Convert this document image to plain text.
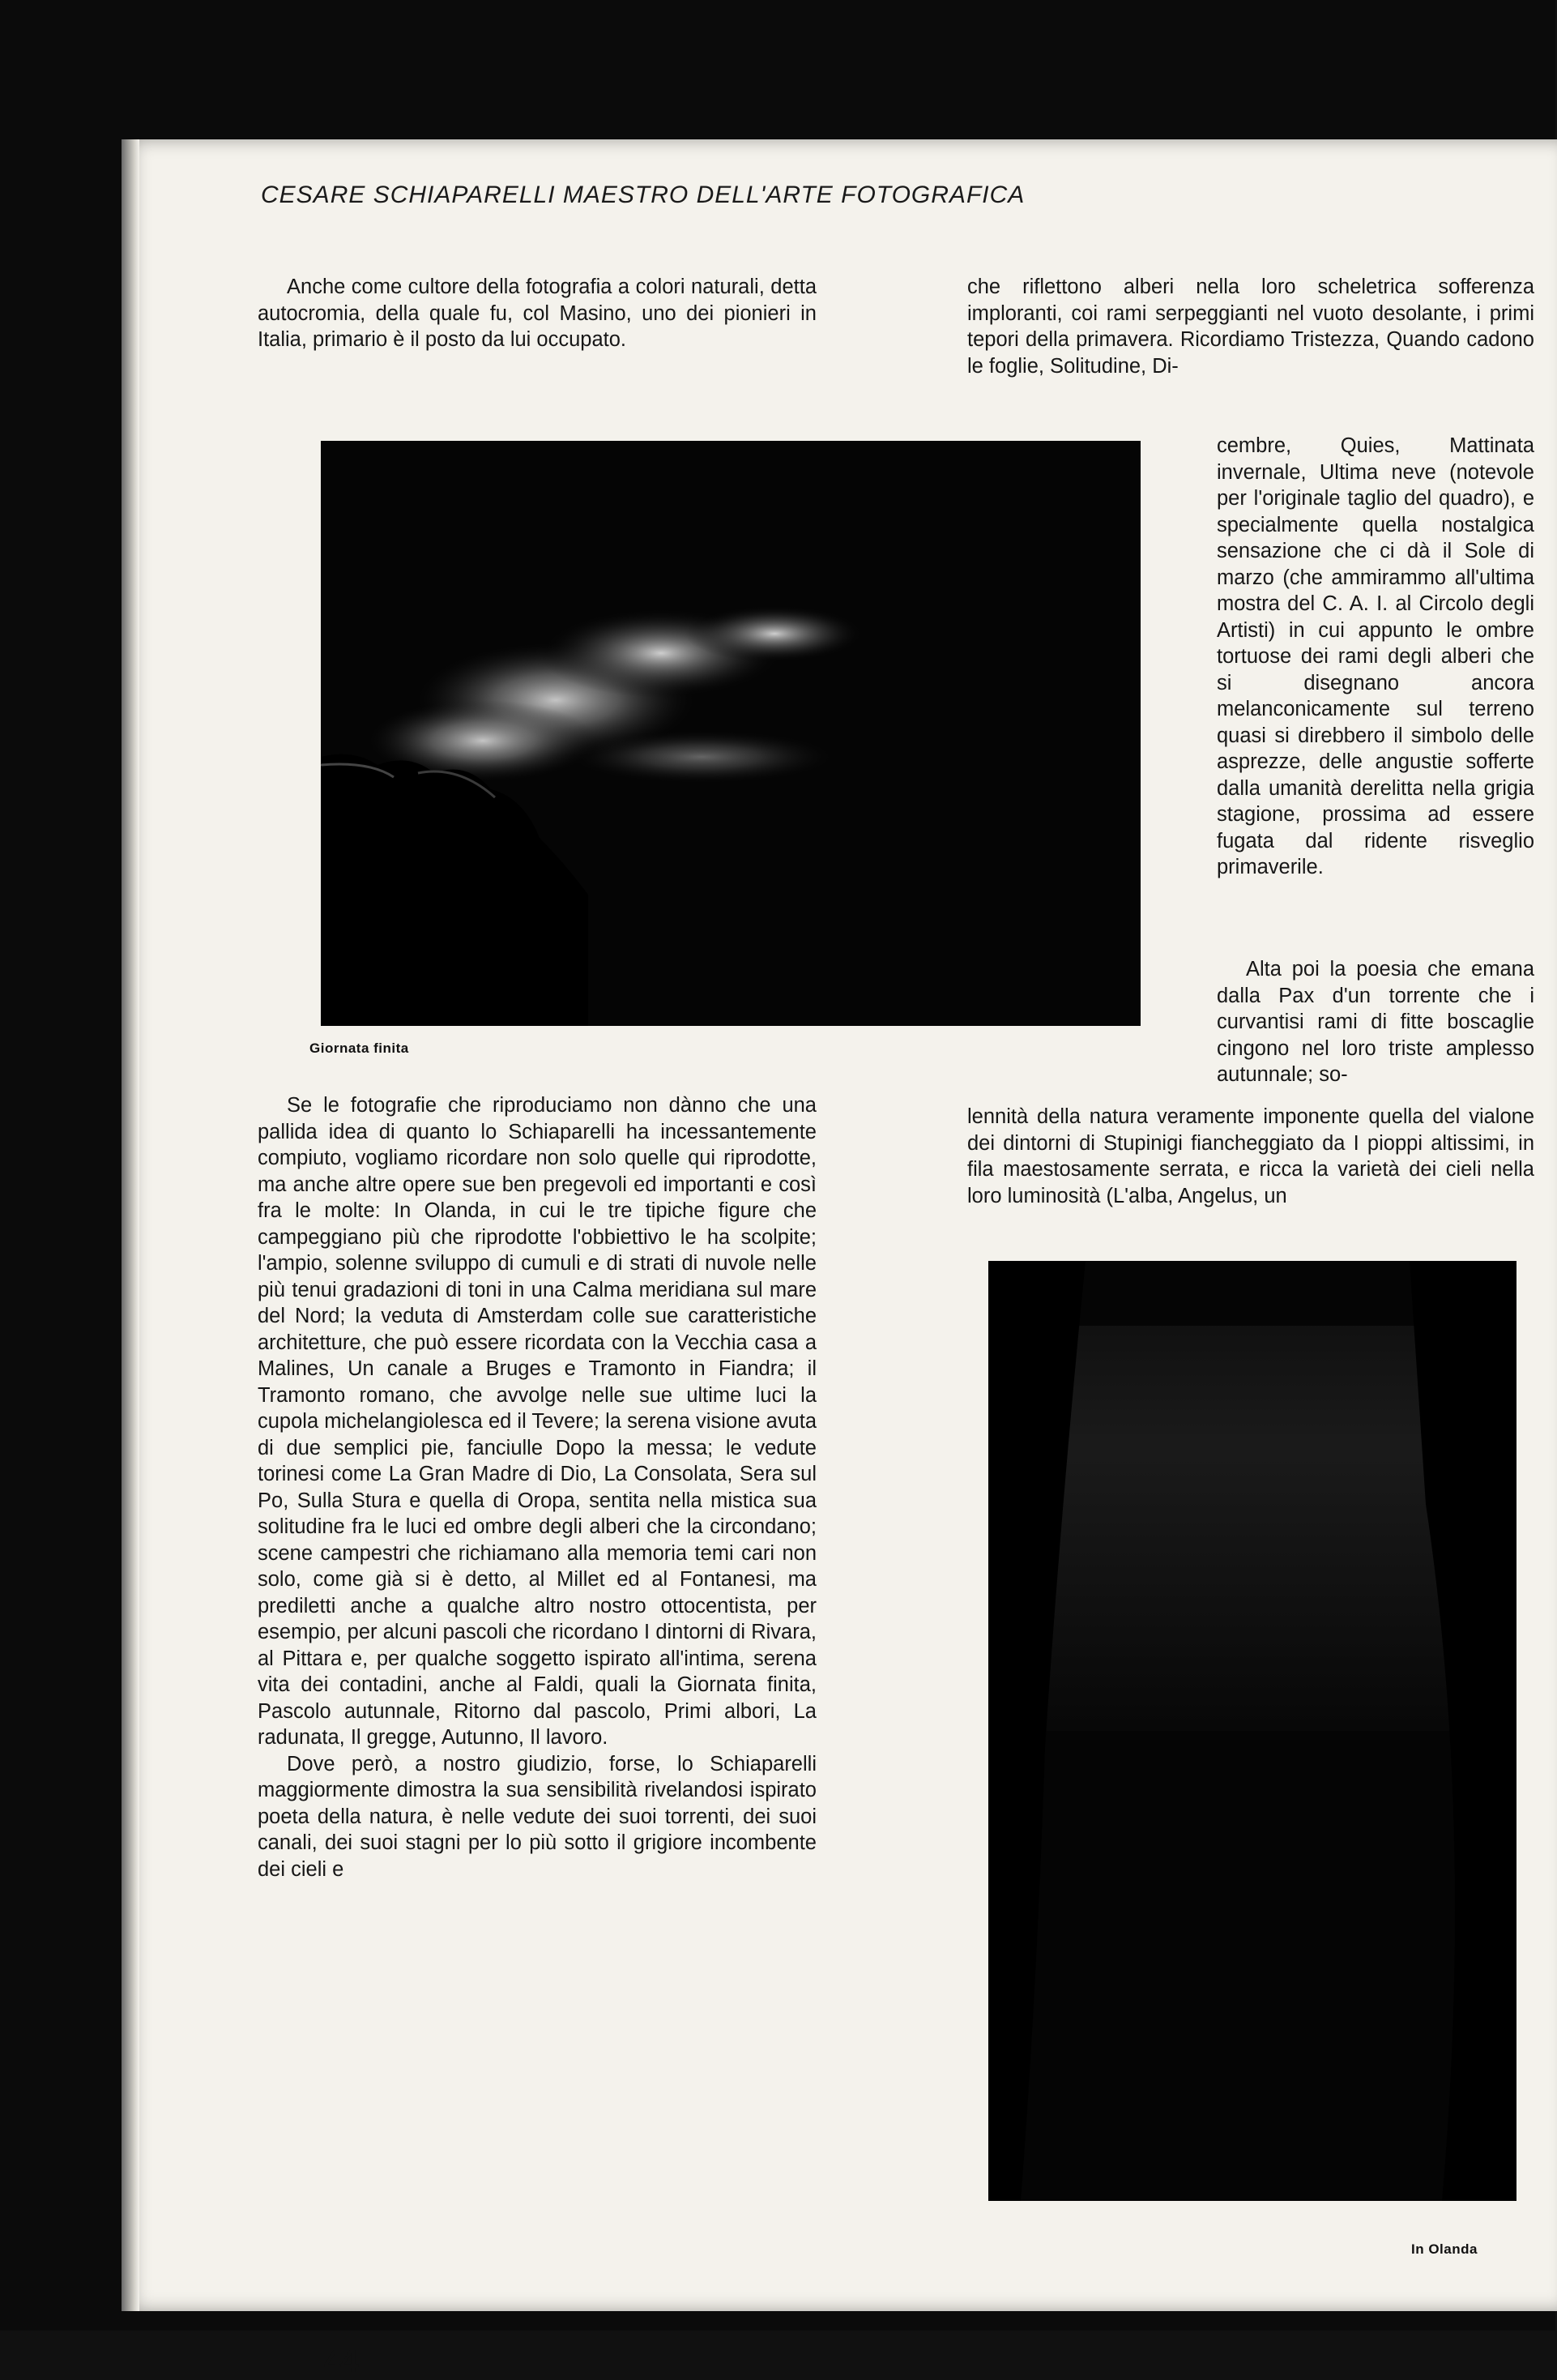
CESARE SCHIAPARELLI MAESTRO DELL'ARTE FOTOGRAFICA

Anche come cultore della fotografia a colori naturali, detta autocromia, della quale fu, col Masino, uno dei pionieri in Italia, primario è il posto da lui occupato.

Giornata finita

Se le fotografie che riproduciamo non dànno che una pallida idea di quanto lo Schiaparelli ha incessantemente compiuto, vogliamo ricordare non solo quelle qui riprodotte, ma anche altre opere sue ben pregevoli ed importanti e così fra le molte: In Olanda, in cui le tre tipiche figure che campeggiano più che riprodotte l'obbiettivo le ha scolpite; l'ampio, solenne sviluppo di cumuli e di strati di nuvole nelle più tenui gradazioni di toni in una Calma meridiana sul mare del Nord; la veduta di Amsterdam colle sue caratteristiche architetture, che può essere ricordata con la Vecchia casa a Malines, Un canale a Bruges e Tramonto in Fiandra; il Tramonto romano, che avvolge nelle sue ultime luci la cupola michelangiolesca ed il Tevere; la serena visione avuta di due semplici pie, fanciulle Dopo la messa; le vedute torinesi come La Gran Madre di Dio, La Consolata, Sera sul Po, Sulla Stura e quella di Oropa, sentita nella mistica sua solitudine fra le luci ed ombre degli alberi che la circondano; scene campestri che richiamano alla memoria temi cari non solo, come già si è detto, al Millet ed al Fontanesi, ma prediletti anche a qualche altro nostro ottocentista, per esempio, per alcuni pascoli che ricordano I dintorni di Rivara, al Pittara e, per qualche soggetto ispirato all'intima, serena vita dei contadini, anche al Faldi, quali la Giornata finita, Pascolo autunnale, Ritorno dal pascolo, Primi albori, La radunata, Il gregge, Autunno, Il lavoro.

Dove però, a nostro giudizio, forse, lo Schiaparelli maggiormente dimostra la sua sensibilità rivelandosi ispirato poeta della natura, è nelle vedute dei suoi torrenti, dei suoi canali, dei suoi stagni per lo più sotto il grigiore incombente dei cieli e

che riflettono alberi nella loro scheletrica sofferenza imploranti, coi rami serpeggianti nel vuoto desolante, i primi tepori della primavera. Ricordiamo Tristezza, Quando cadono le foglie, Solitudine, Di-

cembre, Quies, Mattinata invernale, Ultima neve (notevole per l'originale taglio del quadro), e specialmente quella nostalgica sensazione che ci dà il Sole di marzo (che ammirammo all'ultima mostra del C. A. I. al Circolo degli Artisti) in cui appunto le ombre tortuose dei rami degli alberi che si disegnano ancora melanconicamente sul terreno quasi si direbbero il simbolo delle asprezze, delle angustie sofferte dalla umanità derelitta nella grigia stagione, prossima ad essere fugata dal ridente risveglio primaverile.

Alta poi la poesia che emana dalla Pax d'un torrente che i curvantisi rami di fitte boscaglie cingono nel loro triste amplesso autunnale; so-

lennità della natura veramente imponente quella del vialone dei dintorni di Stupinigi fiancheggiato da I pioppi altissimi, in fila maestosamente serrata, e ricca la varietà dei cieli nella loro luminosità (L'alba, Angelus, un

In Olanda
44
